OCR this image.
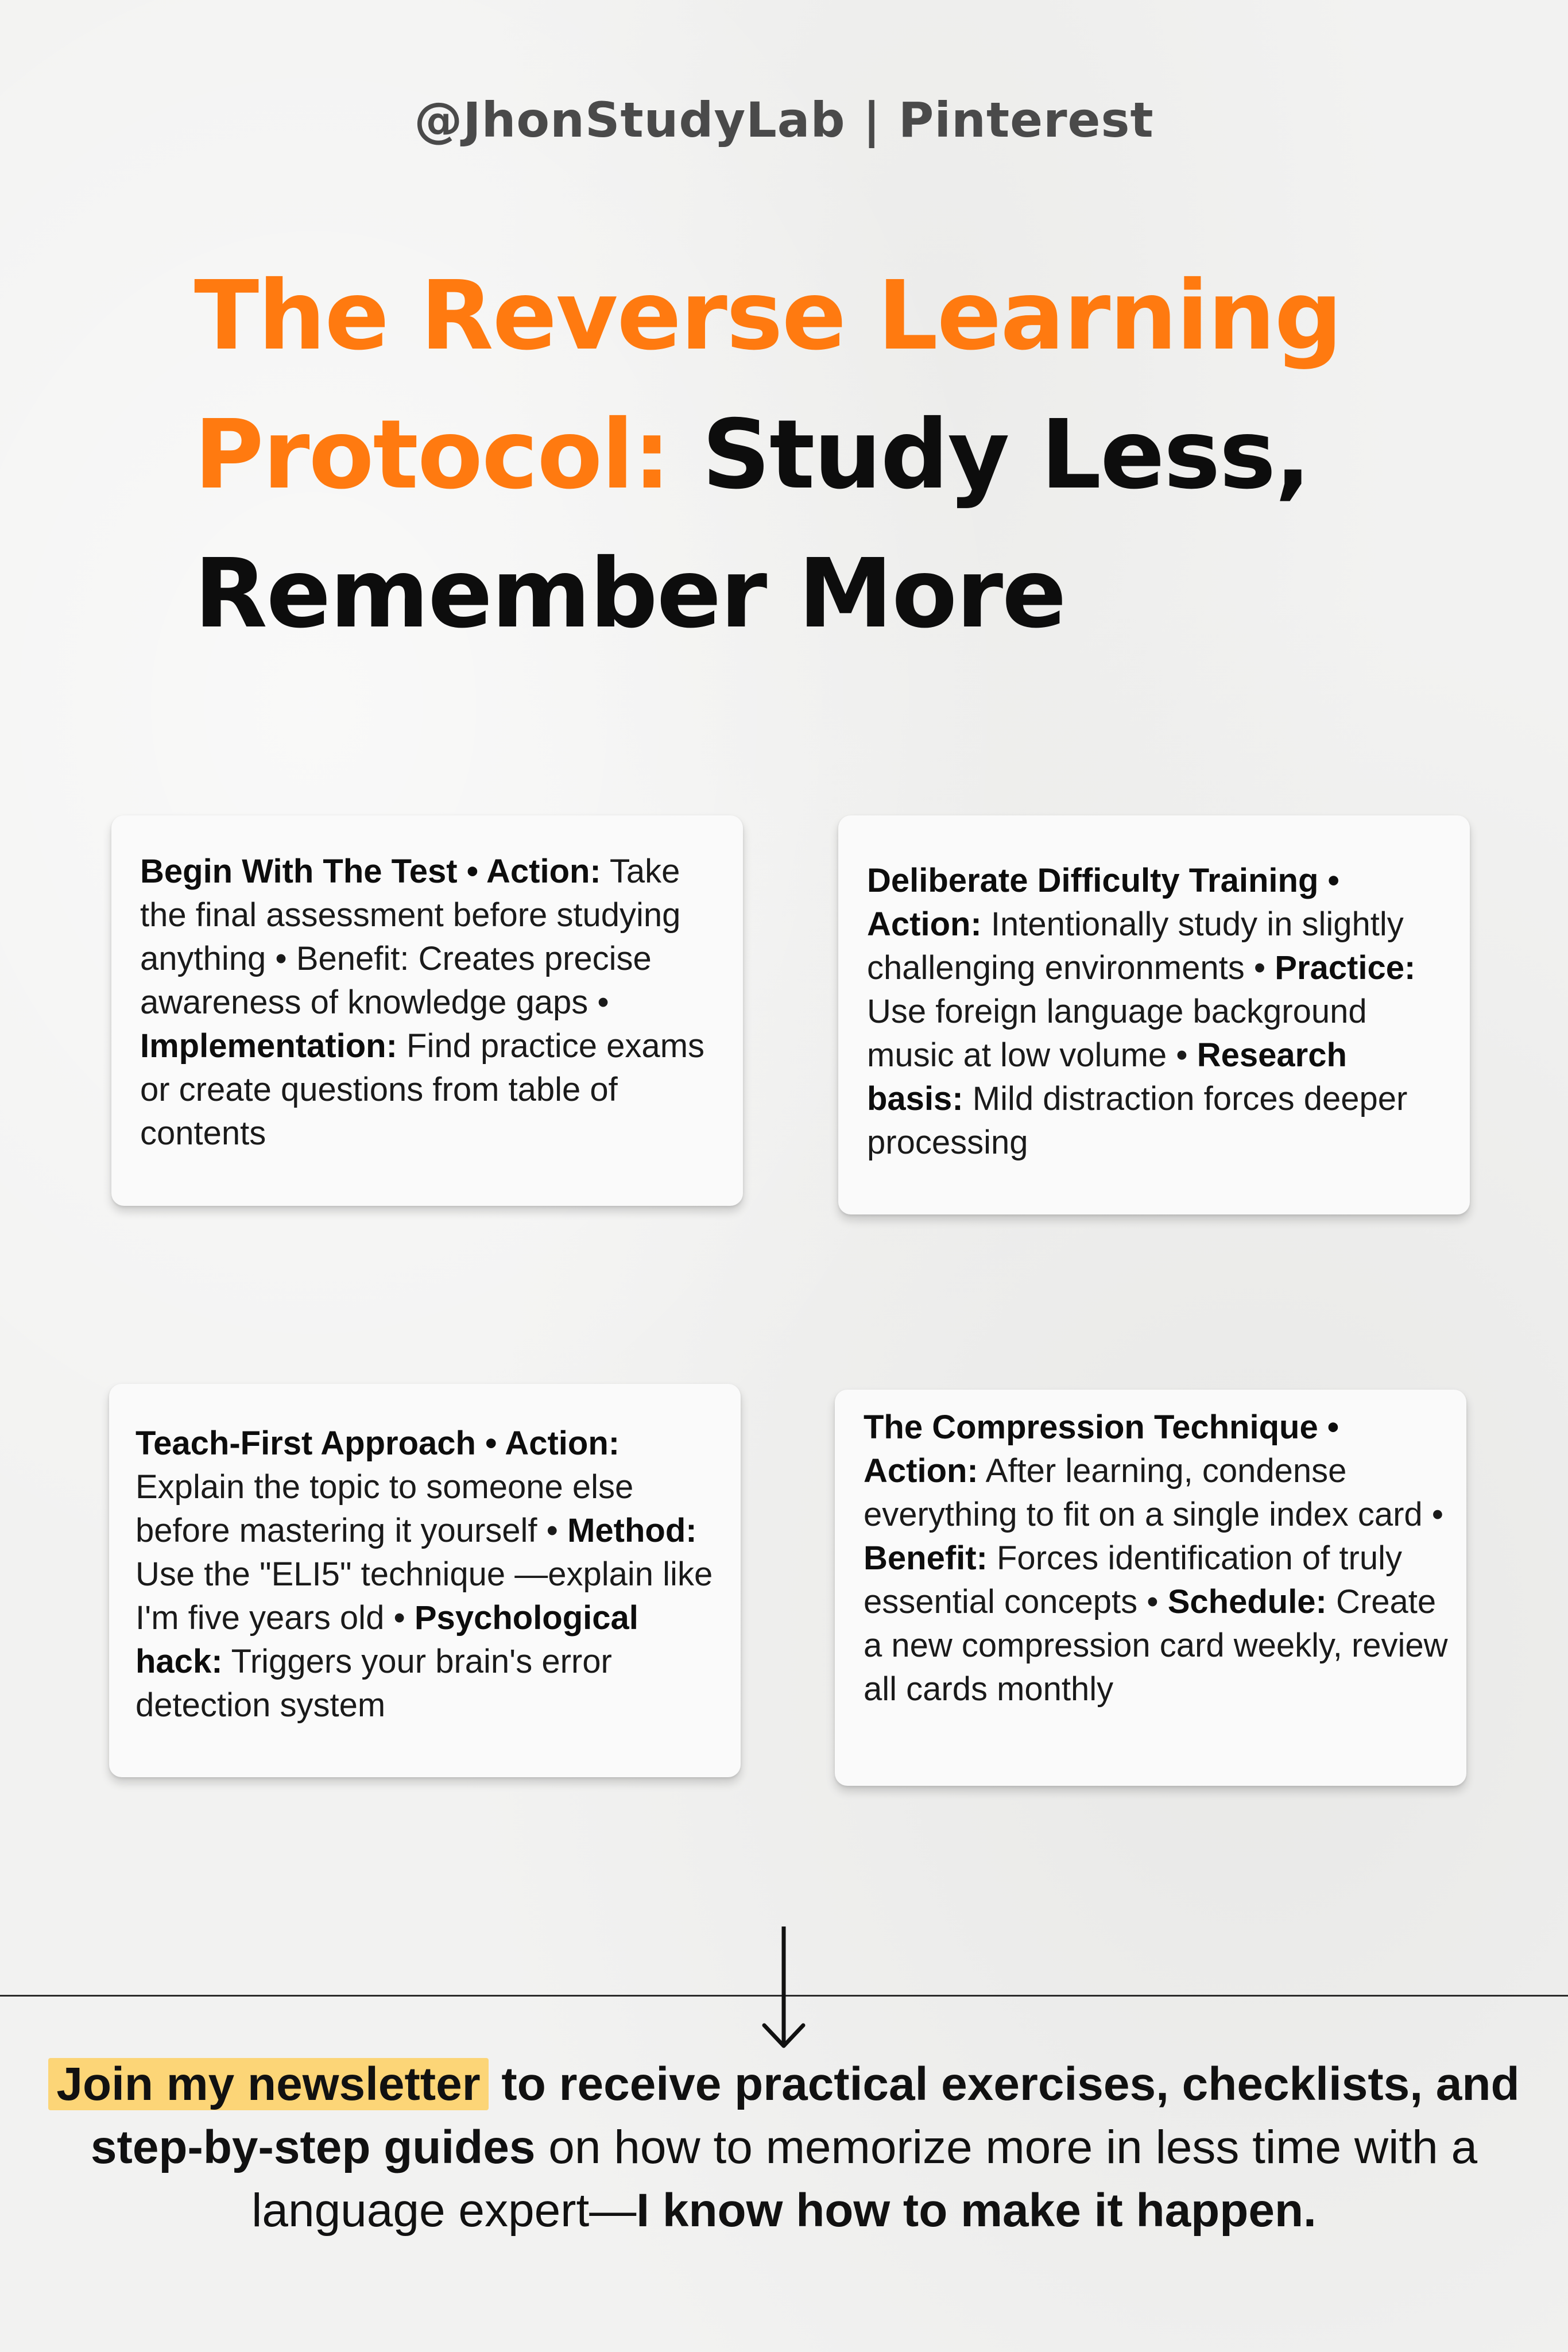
@JhonStudyLab | Pinterest
The Reverse Learning
Protocol: Study Less,
Remember More

Begin With The Test • Action: Take the final assessment before studying anything • Benefit: Creates precise awareness of knowledge gaps • Implementation: Find practice exams or create questions from table of contents

Deliberate Difficulty Training • Action: Intentionally study in slightly challenging environments • Practice: Use foreign language background music at low volume • Research basis: Mild distraction forces deeper processing

Teach-First Approach • Action: Explain the topic to someone else before mastering it yourself • Method: Use the "ELI5" technique —explain like I'm five years old • Psychological hack: Triggers your brain's error detection system

The Compression Technique • Action: After learning, condense everything to fit on a single index card • Benefit: Forces identification of truly essential concepts • Schedule: Create a new compression card weekly, review all cards monthly

Join my newsletter to receive practical exercises, checklists, and step-by-step guides on how to memorize more in less time with a language expert—I know how to make it happen.
